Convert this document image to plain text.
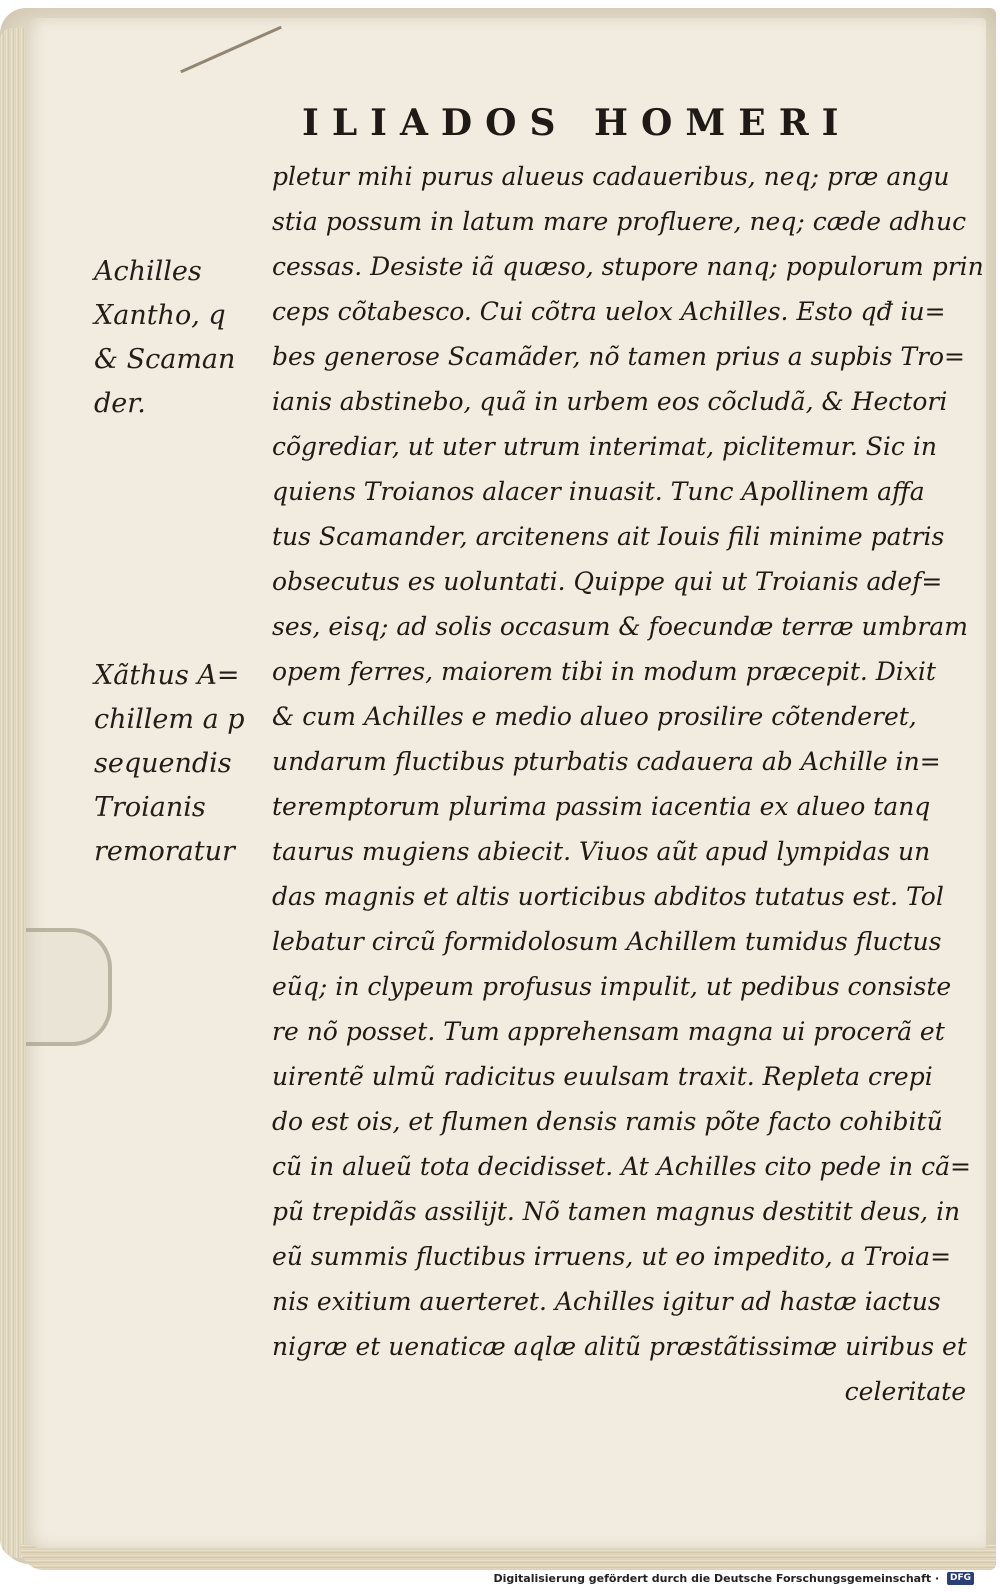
ILIADOS HOMERI
Achilles
Xantho, q
& Scaman
der.
Xãthus A=
chillem a p
sequendis
Troianis
remoratur
pletur mihi purus alueus cadaueribus, neq; præ angu
stia possum in latum mare profluere, neq; cæde adhuc
cessas. Desiste iã quæso, stupore nanq; populorum prin
ceps cõtabesco. Cui cõtra uelox Achilles. Esto qđ iu=
bes generose Scamãder, nõ tamen prius a supbis Tro=
ianis abstinebo, quã in urbem eos cõcludã, & Hectori
cõgrediar, ut uter utrum interimat, piclitemur. Sic in
quiens Troianos alacer inuasit. Tunc Apollinem affa
tus Scamander, arcitenens ait Iouis fili minime patris
obsecutus es uoluntati. Quippe qui ut Troianis adef=
ses, eisq; ad solis occasum & foecundæ terræ umbram
opem ferres, maiorem tibi in modum præcepit. Dixit
& cum Achilles e medio alueo prosilire cõtenderet,
undarum fluctibus pturbatis cadauera ab Achille in=
teremptorum plurima passim iacentia ex alueo tanq
taurus mugiens abiecit. Viuos aũt apud lympidas un
das magnis et altis uorticibus abditos tutatus est. Tol
lebatur circũ formidolosum Achillem tumidus fluctus
eũq; in clypeum profusus impulit, ut pedibus consiste
re nõ posset. Tum apprehensam magna ui procerã et
uirentẽ ulmũ radicitus euulsam traxit. Repleta crepi
do est ois, et flumen densis ramis põte facto cohibitũ
cũ in alueũ tota decidisset. At Achilles cito pede in cã=
pũ trepidãs assilijt. Nõ tamen magnus destitit deus, in
eũ summis fluctibus irruens, ut eo impedito, a Troia=
nis exitium auerteret. Achilles igitur ad hastæ iactus
nigræ et uenaticæ aqlæ alitũ præstãtissimæ uiribus et
celeritate
Digitalisierung gefördert durch die Deutsche Forschungsgemeinschaft · DFG
